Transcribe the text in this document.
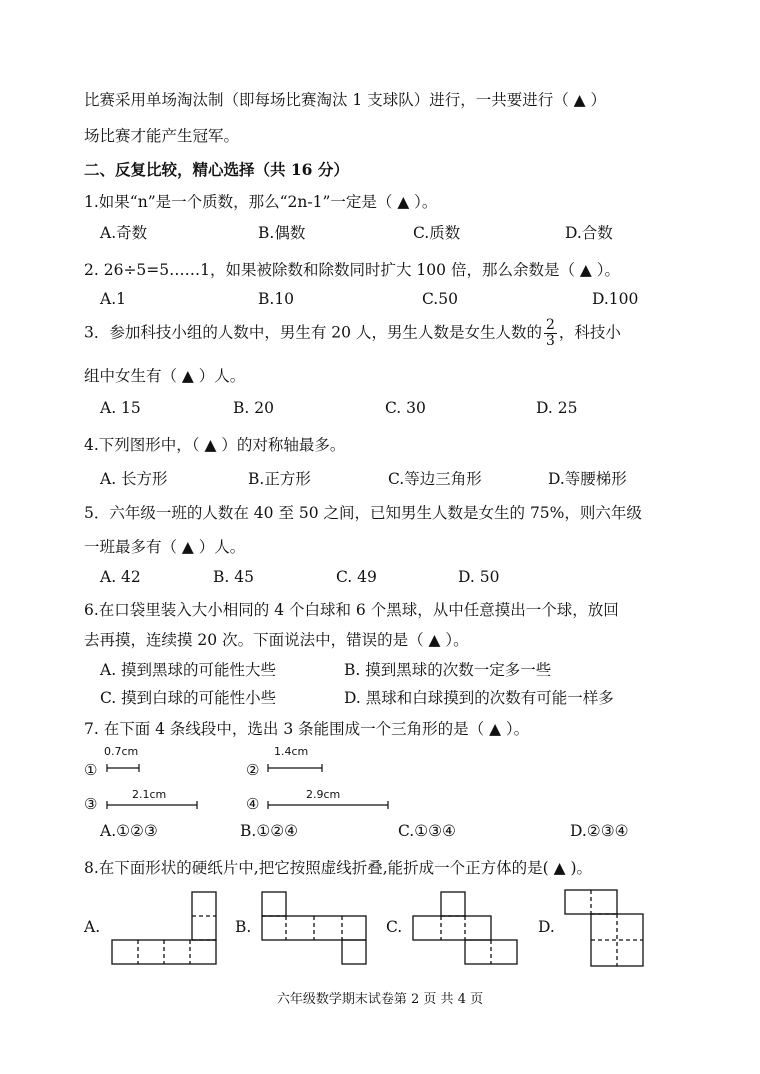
比赛采用单场淘汰制（即每场比赛淘汰 1 支球队）进行，一共要进行（ ▲ ）
场比赛才能产生冠军。
二、反复比较，精心选择（共 16 分）
1.如果“n”是一个质数，那么“2n-1”一定是（ ▲ ）。
A.奇数	B.偶数	C.质数	D.合数
2. 26÷5=5……1，如果被除数和除数同时扩大 100 倍，那么余数是（ ▲ ）。
A.1	B.10	C.50	D.100
3．参加科技小组的人数中，男生有 20 人，男生人数是女生人数的 $\frac{2}{3}$ ，科技小
组中女生有（ ▲ ）人。
A. 15	B. 20	C. 30	D. 25
4.下列图形中，（ ▲ ）的对称轴最多。
A. 长方形	B.正方形	C.等边三角形	D.等腰梯形
5．六年级一班的人数在 40 至 50 之间，已知男生人数是女生的 75%，则六年级
一班最多有（ ▲ ）人。
A. 42	B. 45	C. 49	D. 50
6.在口袋里装入大小相同的 4 个白球和 6 个黑球，从中任意摸出一个球，放回
去再摸，连续摸 20 次。下面说法中，错误的是（ ▲ ）。
A. 摸到黑球的可能性大些	B. 摸到黑球的次数一定多一些
C. 摸到白球的可能性小些	D. 黑球和白球摸到的次数有可能一样多
7. 在下面 4 条线段中，选出 3 条能围成一个三角形的是（ ▲ ）。
①
0.7cm
②
1.4cm
③
2.1cm
④
2.9cm
A.①②③	B.①②④	C.①③④	D.②③④
8.在下面形状的硬纸片中,把它按照虚线折叠,能折成一个正方体的是( ▲ )。
A.	B.	C.	D.
六年级数学期末试卷第 2 页 共 4 页
